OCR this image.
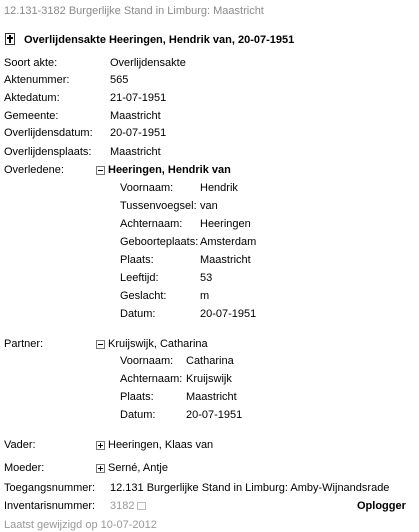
12.131-3182 Burgerlijke Stand in Limburg: Maastricht
Overlijdensakte Heeringen, Hendrik van, 20-07-1951
Soort akte:	Overlijdensakte
Aktenummer:	565
Aktedatum:	21-07-1951
Gemeente:	Maastricht
Overlijdensdatum: 20-07-1951
Overlijdensplaats: Maastricht
Overledene:	Heeringen, Hendrik van
Voornaam: Hendrik
Tussenvoegsel: van
Achternaam: Heeringen
Geboorteplaats: Amsterdam
Plaats:	Maastricht
Leeftijd:	53
Geslacht:	m
Datum:	20-07-1951
Partner:	Kruijswijk, Catharina
Voornaam: Catharina
Achternaam: Kruijswijk
Plaats:	Maastricht
Datum:	20-07-1951
Vader:	Heeringen, Klaas van
Moeder:	Serné, Antje
Toegangsnummer: 12.131 Burgerlijke Stand in Limburg: Amby-Wijnandsrade
Inventarisnummer: 3182	Oplogger
Laatst gewijzigd op 10-07-2012
